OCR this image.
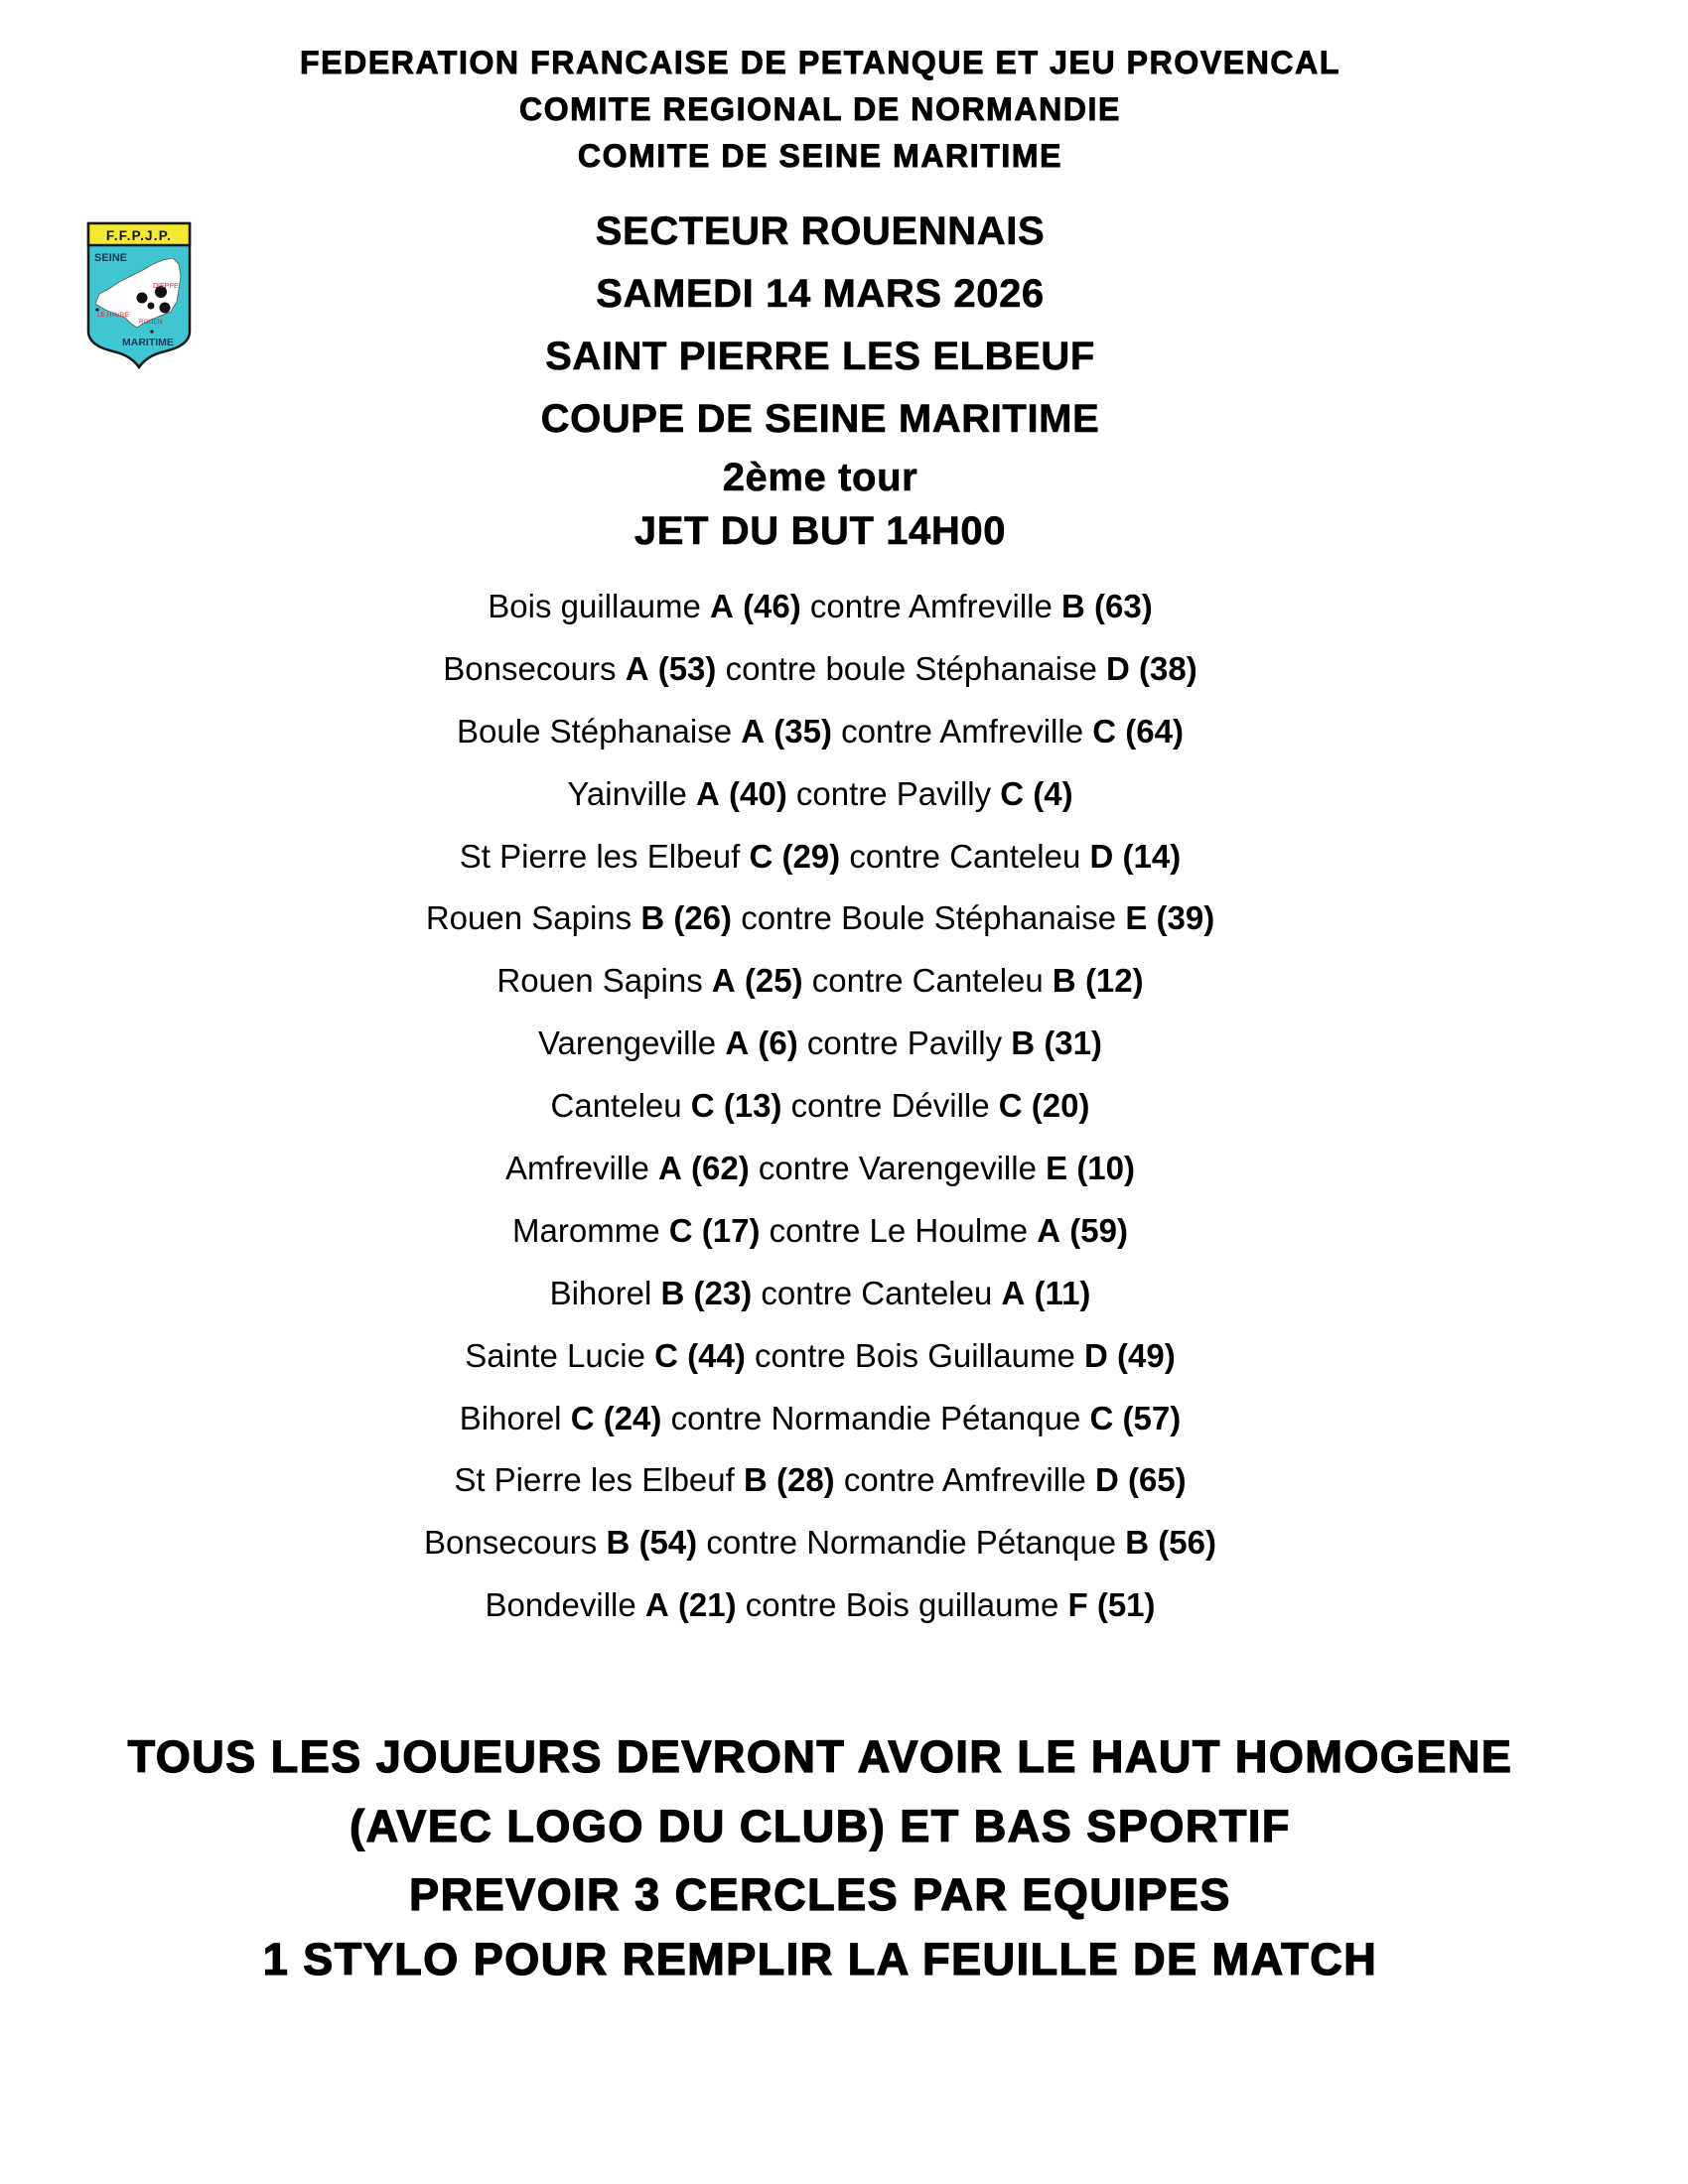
FEDERATION FRANCAISE DE PETANQUE ET JEU PROVENCAL
COMITE REGIONAL DE NORMANDIE
COMITE DE SEINE MARITIME
F.F.P.J.P.
SEINE
DIEPPE
LE HAVRE
ROUEN
MARITIME
SECTEUR ROUENNAIS
SAMEDI 14 MARS 2026
SAINT PIERRE LES ELBEUF
COUPE DE SEINE MARITIME
2ème tour
JET DU BUT 14H00
Bois guillaume A (46) contre Amfreville B (63)
Bonsecours A (53) contre boule Stéphanaise D (38)
Boule Stéphanaise A (35) contre Amfreville C (64)
Yainville A (40) contre Pavilly C (4)
St Pierre les Elbeuf C (29) contre Canteleu D (14)
Rouen Sapins B (26) contre Boule Stéphanaise E (39)
Rouen Sapins A (25) contre Canteleu B (12)
Varengeville A (6) contre Pavilly B (31)
Canteleu C (13) contre Déville C (20)
Amfreville A (62) contre Varengeville E (10)
Maromme C (17) contre Le Houlme A (59)
Bihorel B (23) contre Canteleu A (11)
Sainte Lucie C (44) contre Bois Guillaume D (49)
Bihorel C (24) contre Normandie Pétanque C (57)
St Pierre les Elbeuf B (28) contre Amfreville D (65)
Bonsecours B (54) contre Normandie Pétanque B (56)
Bondeville A (21) contre Bois guillaume F (51)
TOUS LES JOUEURS DEVRONT AVOIR LE HAUT HOMOGENE
(AVEC LOGO DU CLUB) ET BAS SPORTIF
PREVOIR 3 CERCLES PAR EQUIPES
1 STYLO POUR REMPLIR LA FEUILLE DE MATCH
